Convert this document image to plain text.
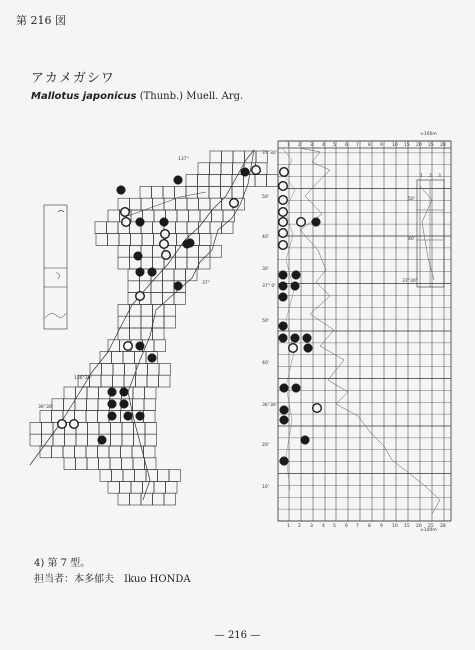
第 216 図
アカメガシワ
Mallotus japonicus (Thunb.) Muell. Arg.
137°
37°
136°30'
36°30'
≈100m
≈100m
1 2 3 4 5 6 7 8 9 10 15 20 25 28
1 2 3 4 5 6 7 8 9 10 15 20 25 28
37°30'
50'
40'
30'
37° 0'
50'
40'
36°30'
20'
10'
1 2 3
50'
40'
37°30'
4) 第 7 型。
担当者：本多郁夫　Ikuo HONDA
— 216 —
